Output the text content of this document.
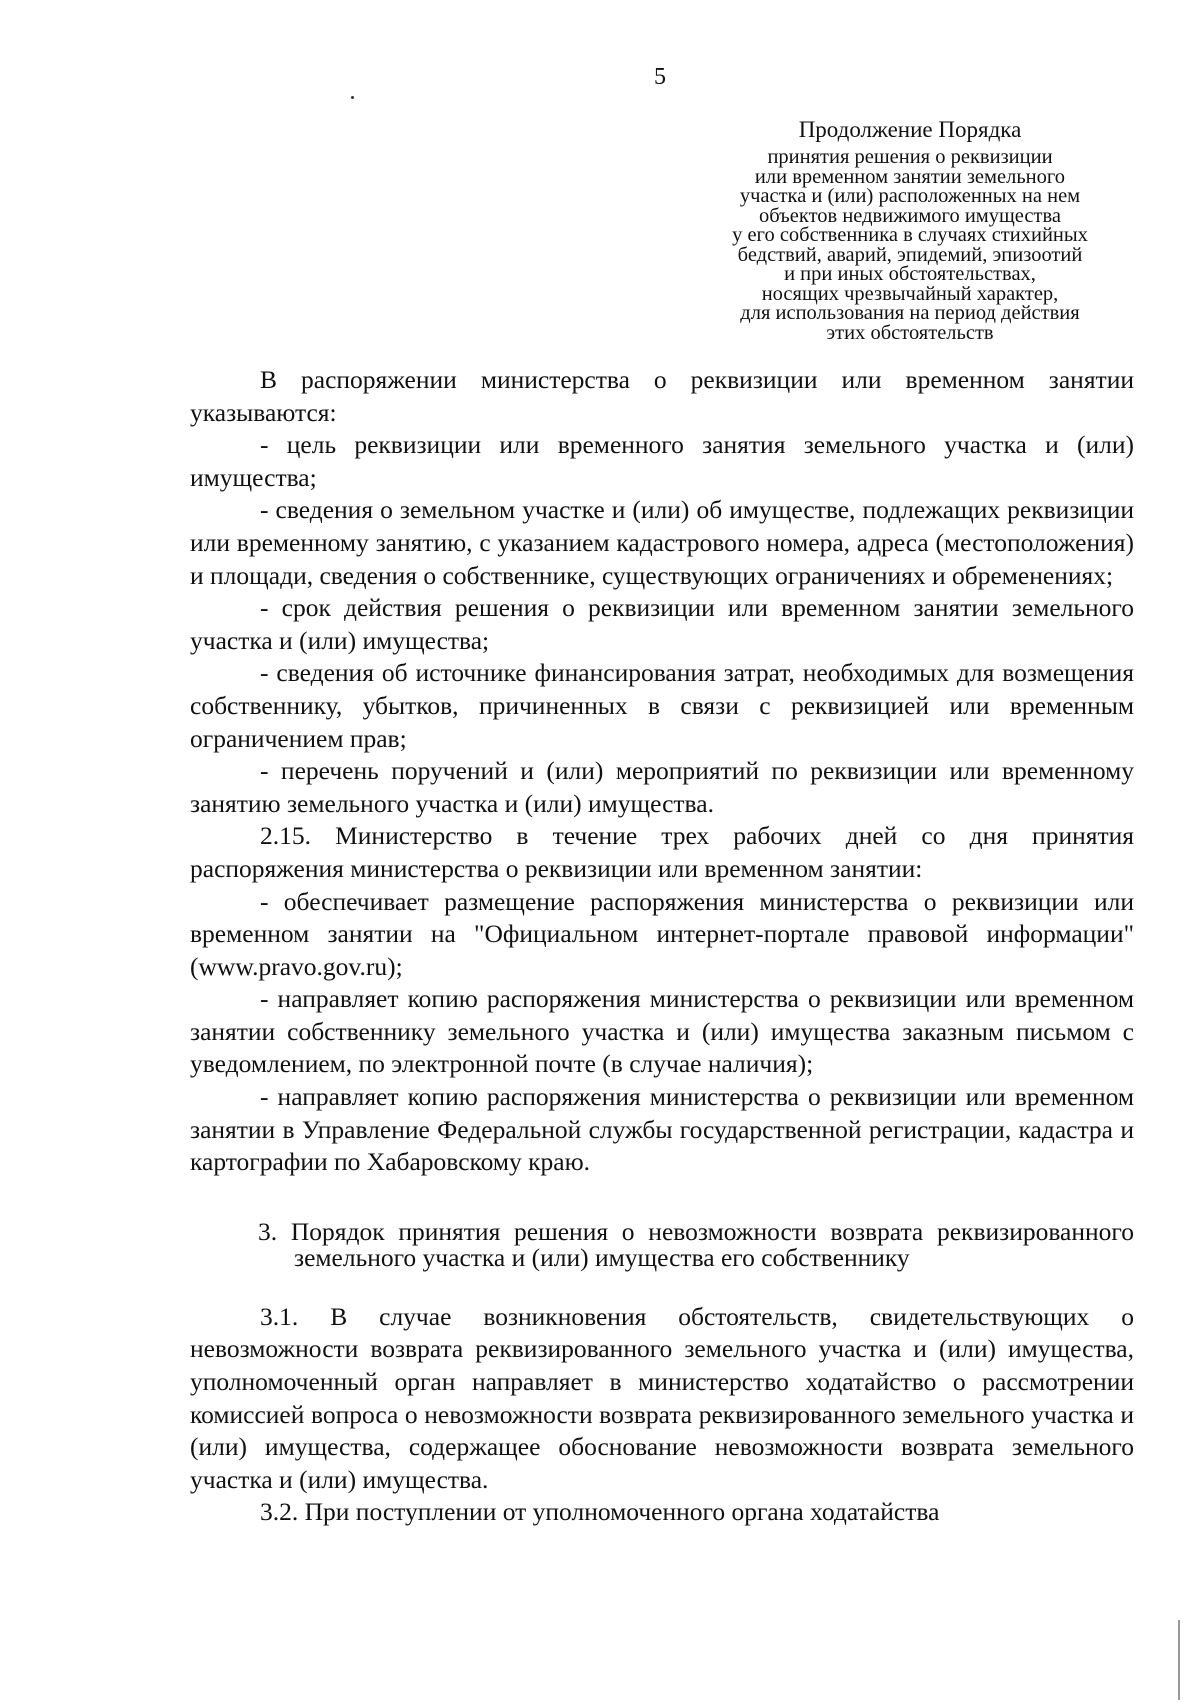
5
Продолжение Порядка
принятия решения о реквизиции
или временном занятии земельного
участка и (или) расположенных на нем
объектов недвижимого имущества
у его собственника в случаях стихийных
бедствий, аварий, эпидемий, эпизоотий
и при иных обстоятельствах,
носящих чрезвычайный характер,
для использования на период действия
этих обстоятельств

В распоряжении министерства о реквизиции или временном занятии указываются:

- цель реквизиции или временного занятия земельного участка и (или) имущества;

- сведения о земельном участке и (или) об имуществе, подлежащих реквизиции или временному занятию, с указанием кадастрового номера, адреса (местоположения) и площади, сведения о собственнике, существующих ограничениях и обременениях;

- срок действия решения о реквизиции или временном занятии земельного участка и (или) имущества;

- сведения об источнике финансирования затрат, необходимых для возмещения собственнику, убытков, причиненных в связи с реквизицией или временным ограничением прав;

- перечень поручений и (или) мероприятий по реквизиции или временному занятию земельного участка и (или) имущества.

2.15. Министерство в течение трех рабочих дней со дня принятия распоряжения министерства о реквизиции или временном занятии:

- обеспечивает размещение распоряжения министерства о реквизиции или временном занятии на "Официальном интернет-портале правовой информации" (www.pravo.gov.ru);

- направляет копию распоряжения министерства о реквизиции или временном занятии собственнику земельного участка и (или) имущества заказным письмом с уведомлением, по электронной почте (в случае наличия);

- направляет копию распоряжения министерства о реквизиции или временном занятии в Управление Федеральной службы государственной регистрации, кадастра и картографии по Хабаровскому краю.

3. Порядок принятия решения о невозможности возврата реквизированного земельного участка и (или) имущества его собственнику

3.1. В случае возникновения обстоятельств, свидетельствующих о невозможности возврата реквизированного земельного участка и (или) имущества, уполномоченный орган направляет в министерство ходатайство о рассмотрении комиссией вопроса о невозможности возврата реквизированного земельного участка и (или) имущества, содержащее обоснование невозможности возврата земельного участка и (или) имущества.

3.2. При поступлении от уполномоченного органа ходатайства
